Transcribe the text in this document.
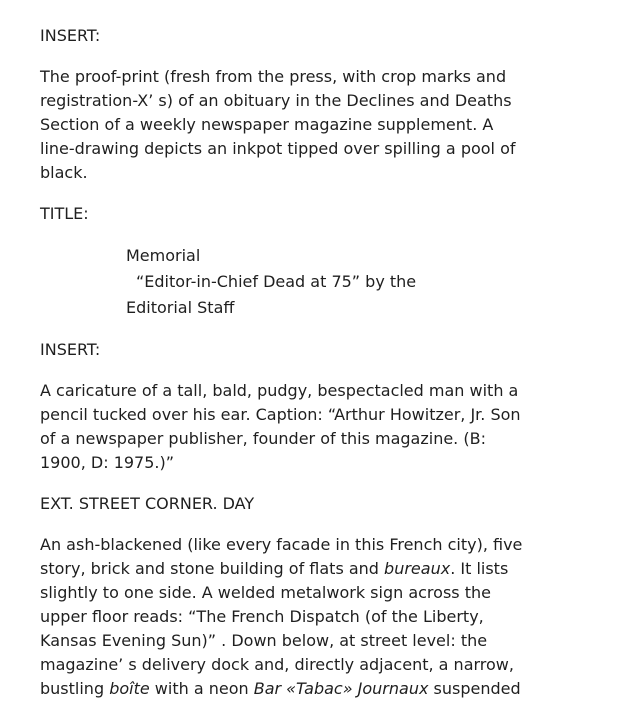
INSERT:

The proof-print (fresh from the press, with crop marks and
registration-X’ s) of an obituary in the Declines and Deaths
Section of a weekly newspaper magazine supplement. A
line-drawing depicts an inkpot tipped over spilling a pool of
black.

TITLE:

Memorial
“Editor-in-Chief Dead at 75” by the
Editorial Staff

INSERT:

A caricature of a tall, bald, pudgy, bespectacled man with a
pencil tucked over his ear. Caption: “Arthur Howitzer, Jr. Son
of a newspaper publisher, founder of this magazine. (B:
1900, D: 1975.)”

EXT. STREET CORNER. DAY

An ash-blackened (like every facade in this French city), five
story, brick and stone building of flats and bureaux. It lists
slightly to one side. A welded metalwork sign across the
upper floor reads: “The French Dispatch (of the Liberty,
Kansas Evening Sun)” . Down below, at street level: the
magazine’ s delivery dock and, directly adjacent, a narrow,
bustling boîte with a neon Bar «Tabac» Journaux suspended
